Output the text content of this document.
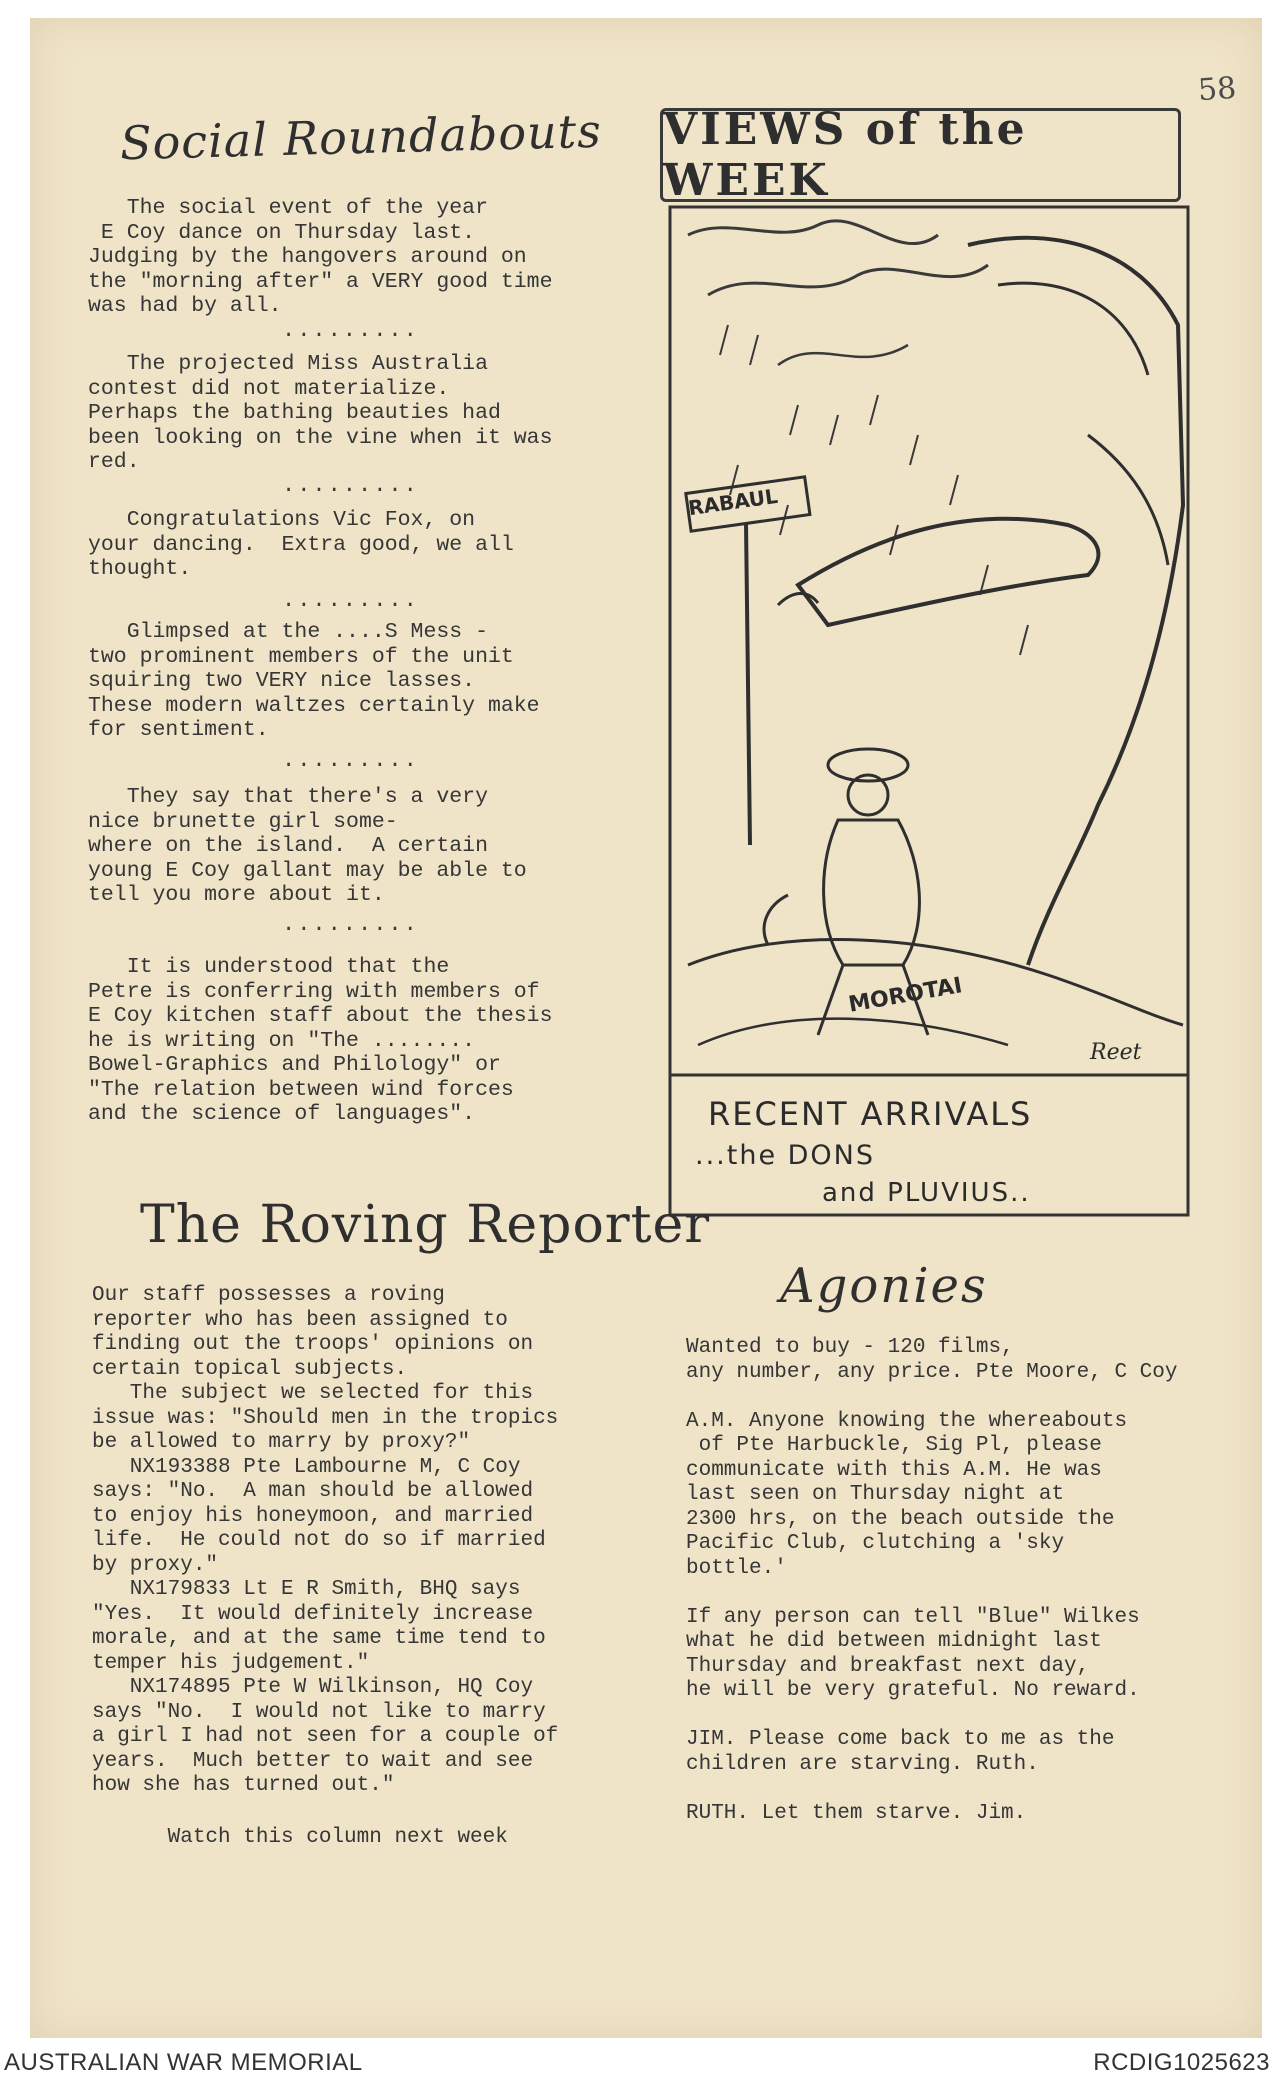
58
Social Roundabouts
The social event of the year
E Coy dance on Thursday last.
Judging by the hangovers around on
the "morning after" a VERY good time
was had by all.
.........
The projected Miss Australia
contest did not materialize.
Perhaps the bathing beauties had
been looking on the vine when it was
red.
.........
Congratulations Vic Fox, on
your dancing.  Extra good, we all
thought.
.........
Glimpsed at the ....S Mess -
two prominent members of the unit
squiring two VERY nice lasses.
These modern waltzes certainly make
for sentiment.
.........
They say that there's a very
nice brunette girl some-
where on the island.  A certain
young E Coy gallant may be able to
tell you more about it.
.........
It is understood that the
Petre is conferring with members of
E Coy kitchen staff about the thesis
he is writing on "The ........
Bowel-Graphics and Philology" or
"The relation between wind forces
and the science of languages".
VIEWS of the WEEK
RABAUL
MOROTAI
Reet
RECENT ARRIVALS
...the DONS
and PLUVIUS..
The Roving Reporter
Our staff possesses a roving
reporter who has been assigned to
finding out the troops' opinions on
certain topical subjects.
The subject we selected for this
issue was: "Should men in the tropics
be allowed to marry by proxy?"
NX193388 Pte Lambourne M, C Coy
says: "No.  A man should be allowed
to enjoy his honeymoon, and married
life.  He could not do so if married
by proxy."
NX179833 Lt E R Smith, BHQ says
"Yes.  It would definitely increase
morale, and at the same time tend to
temper his judgement."
NX174895 Pte W Wilkinson, HQ Coy
says "No.  I would not like to marry
a girl I had not seen for a couple of
years.  Much better to wait and see
how she has turned out."
Watch this column next week
Agonies
Wanted to buy - 120 films,
any number, any price. Pte Moore, C Coy

A.M. Anyone knowing the whereabouts
of Pte Harbuckle, Sig Pl, please
communicate with this A.M. He was
last seen on Thursday night at
2300 hrs, on the beach outside the
Pacific Club, clutching a 'sky
bottle.'

If any person can tell "Blue" Wilkes
what he did between midnight last
Thursday and breakfast next day,
he will be very grateful. No reward.

JIM. Please come back to me as the
children are starving. Ruth.

RUTH. Let them starve. Jim.
AUSTRALIAN WAR MEMORIAL	RCDIG1025623
